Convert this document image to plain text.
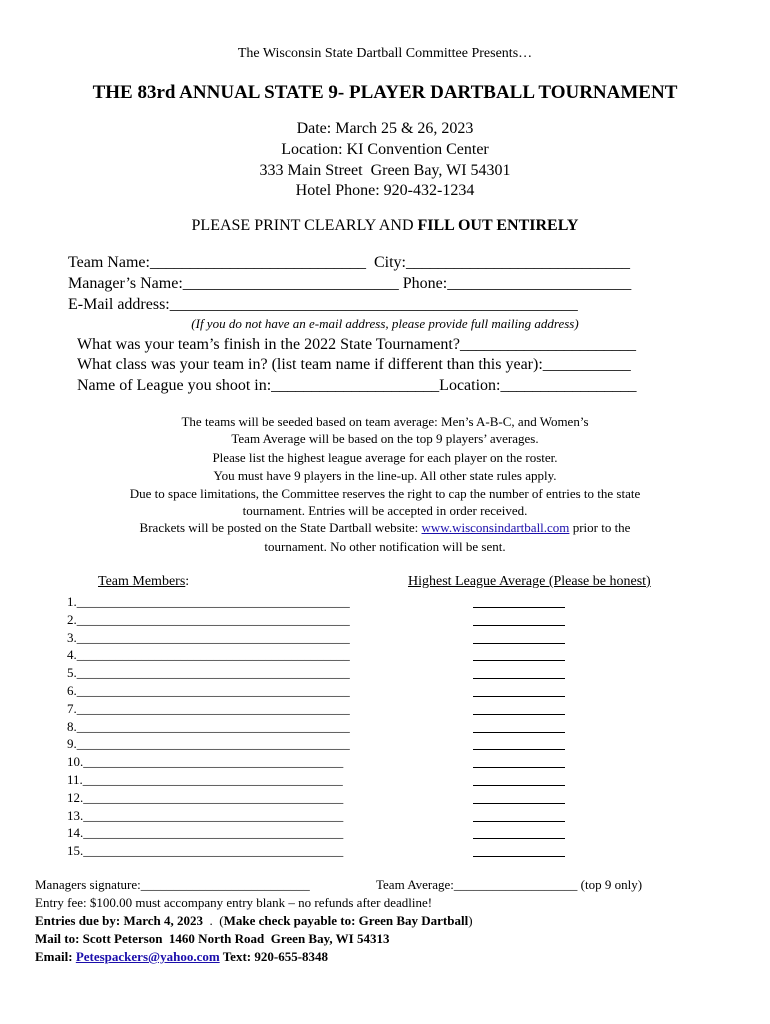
The Wisconsin State Dartball Committee Presents…
THE 83rd ANNUAL STATE 9- PLAYER DARTBALL TOURNAMENT
Date: March 25 & 26, 2023
Location: KI Convention Center
333 Main Street  Green Bay, WI 54301
Hotel Phone: 920-432-1234
PLEASE PRINT CLEARLY AND FILL OUT ENTIRELY
Team Name:___________________________  City:____________________________
Manager’s Name:___________________________ Phone:_______________________
E-Mail address:___________________________________________________
(If you do not have an e-mail address, please provide full mailing address)
What was your team’s finish in the 2022 State Tournament?______________________
What class was your team in? (list team name if different than this year):___________
Name of League you shoot in:_____________________Location:_________________
The teams will be seeded based on team average: Men’s A-B-C, and Women’s
Team Average will be based on the top 9 players’ averages.
Please list the highest league average for each player on the roster.
You must have 9 players in the line-up. All other state rules apply.
Due to space limitations, the Committee reserves the right to cap the number of entries to the state
tournament. Entries will be accepted in order received.
Brackets will be posted on the State Dartball website: www.wisconsindartball.com prior to the
tournament. No other notification will be sent.
Team Members:	Highest League Average (Please be honest)
1.__________________________________________
2.__________________________________________
3.__________________________________________
4.__________________________________________
5.__________________________________________
6.__________________________________________
7.__________________________________________
8.__________________________________________
9.__________________________________________
10.________________________________________
11.________________________________________
12.________________________________________
13.________________________________________
14.________________________________________
15.________________________________________
Managers signature:__________________________	Team Average:___________________ (top 9 only)
Entry fee: $100.00 must accompany entry blank – no refunds after deadline!
Entries due by: March 4, 2023  .  (Make check payable to: Green Bay Dartball)
Mail to: Scott Peterson  1460 North Road  Green Bay, WI 54313
Email: Petespackers@yahoo.com Text: 920-655-8348
